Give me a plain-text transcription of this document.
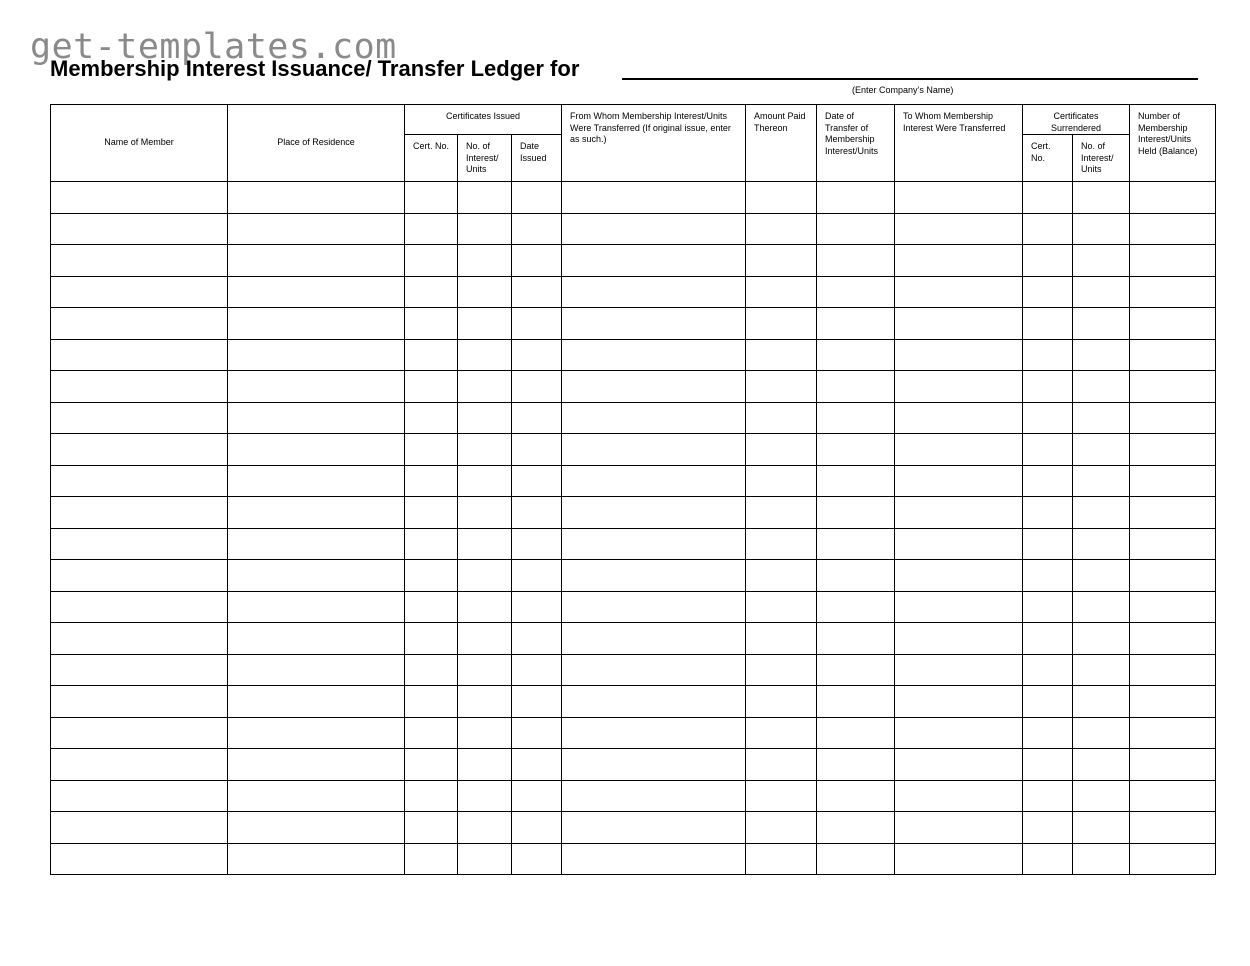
get-templates.com
Membership Interest Issuance/ Transfer Ledger for
(Enter Company’s Name)
Name of Member	Place of Residence	Certificates Issued			From Whom Membership Interest/Units Were Transferred (If original issue, enter as such.)	Amount Paid Thereon	Date of Transfer of Membership Interest/Units	To Whom Membership Interest Were Transferred	Certificates Surrendered		Number of Membership Interest/Units Held (Balance)
		Cert. No.	No. of Interest/ Units	Date Issued					Cert. No.	No. of Interest/ Units	
